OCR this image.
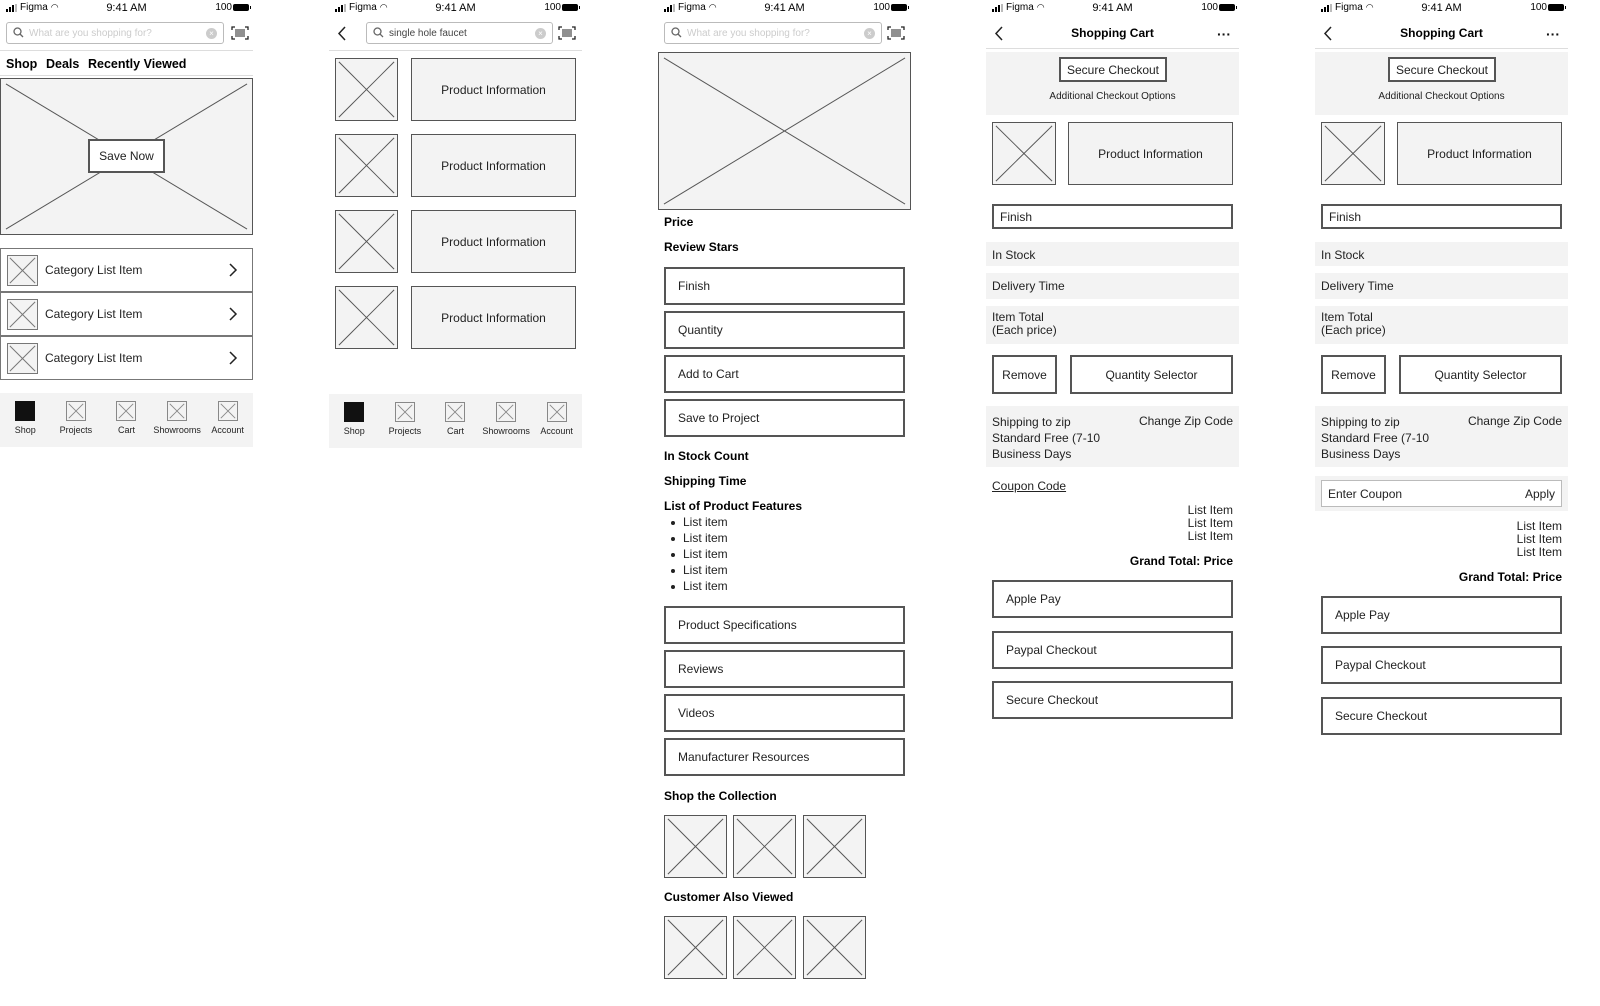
Figma ◠	9:41 AM	100
What are you shopping for?	×
Shop Deals Recently Viewed
Save Now
Category List Item
Category List Item
Category List Item
Shop	Projects	Cart Showrooms Account
Figma ◠	9:41 AM	100
single hole faucet	×
Product Information
Product Information
Product Information
Product Information
Shop	Projects	Cart Showrooms Account
Figma ◠	9:41 AM	100
What are you shopping for?	×
Price
Review Stars
Finish
Quantity
Add to Cart
Save to Project
In Stock Count
Shipping Time
List of Product Features
List item
List item
List item
List item
List item
Product Specifications
Reviews
Videos
Manufacturer Resources
Shop the Collection
Customer Also Viewed
Figma ◠	9:41 AM	100
Shopping Cart	···
Secure Checkout
Additional Checkout Options
Product Information
Finish
In Stock
Delivery Time
Item Total
(Each price)
Remove	Quantity Selector
Shipping to zip
Standard Free (7-10
Business Days
Change Zip Code
Coupon Code
List Item
List Item
List Item
Grand Total: Price
Apple Pay
Paypal Checkout
Secure Checkout
Figma ◠	9:41 AM	100
Shopping Cart	···
Secure Checkout
Additional Checkout Options
Product Information
Finish
In Stock
Delivery Time
Item Total
(Each price)
Remove	Quantity Selector
Shipping to zip
Standard Free (7-10
Business Days
Change Zip Code
Enter Coupon	Apply
List Item
List Item
List Item
Grand Total: Price
Apple Pay
Paypal Checkout
Secure Checkout
